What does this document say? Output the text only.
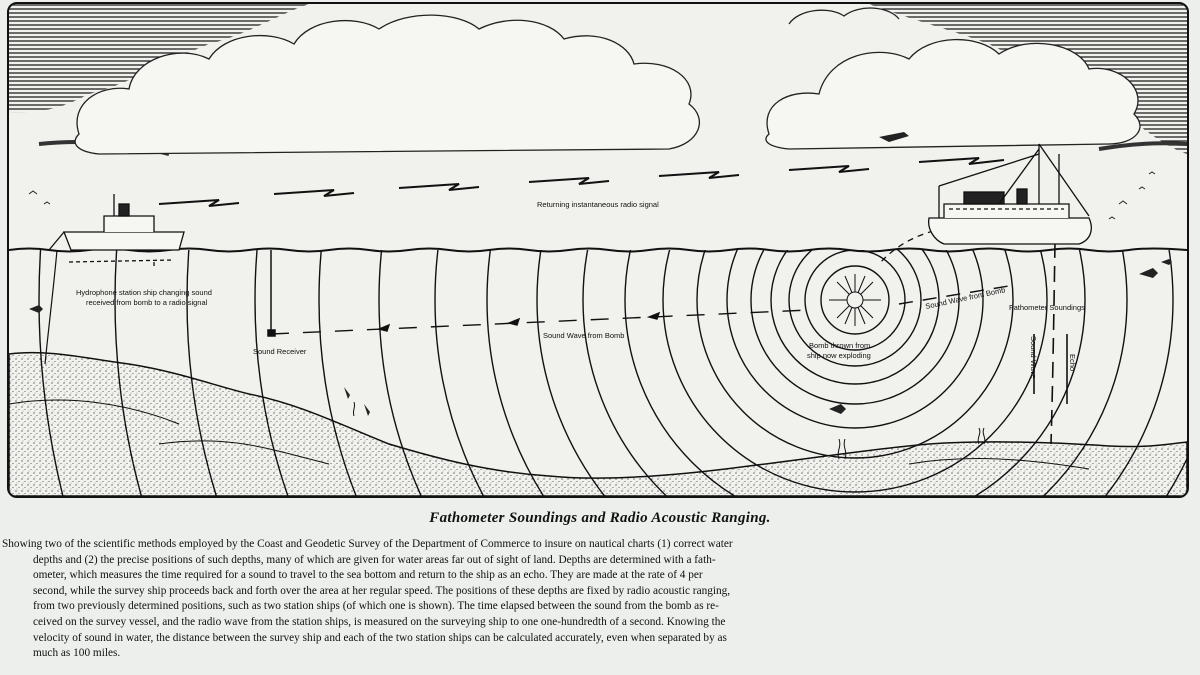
Returning instantaneous radio signal
Hydrophone station ship changing sound
received from bomb to a radio signal
Sound Receiver
Sound Wave from Bomb
Bomb thrown from
ship now exploding
Sound Wave from Bomb Fathometer Soundings
Sound Wave	Echo
Fathometer Soundings and Radio Acoustic Ranging.
Showing two of the scientific methods employed by the Coast and Geodetic Survey of the Department of Commerce to insure on nautical charts (1) correct water
depths and (2) the precise positions of such depths, many of which are given for water areas far out of sight of land. Depths are determined with a fath-
ometer, which measures the time required for a sound to travel to the sea bottom and return to the ship as an echo. They are made at the rate of 4 per
second, while the survey ship proceeds back and forth over the area at her regular speed. The positions of these depths are fixed by radio acoustic ranging,
from two previously determined positions, such as two station ships (of which one is shown). The time elapsed between the sound from the bomb as re-
ceived on the survey vessel, and the radio wave from the station ships, is measured on the surveying ship to one one-hundredth of a second. Knowing the
velocity of sound in water, the distance between the survey ship and each of the two station ships can be calculated accurately, even when separated by as
much as 100 miles.
